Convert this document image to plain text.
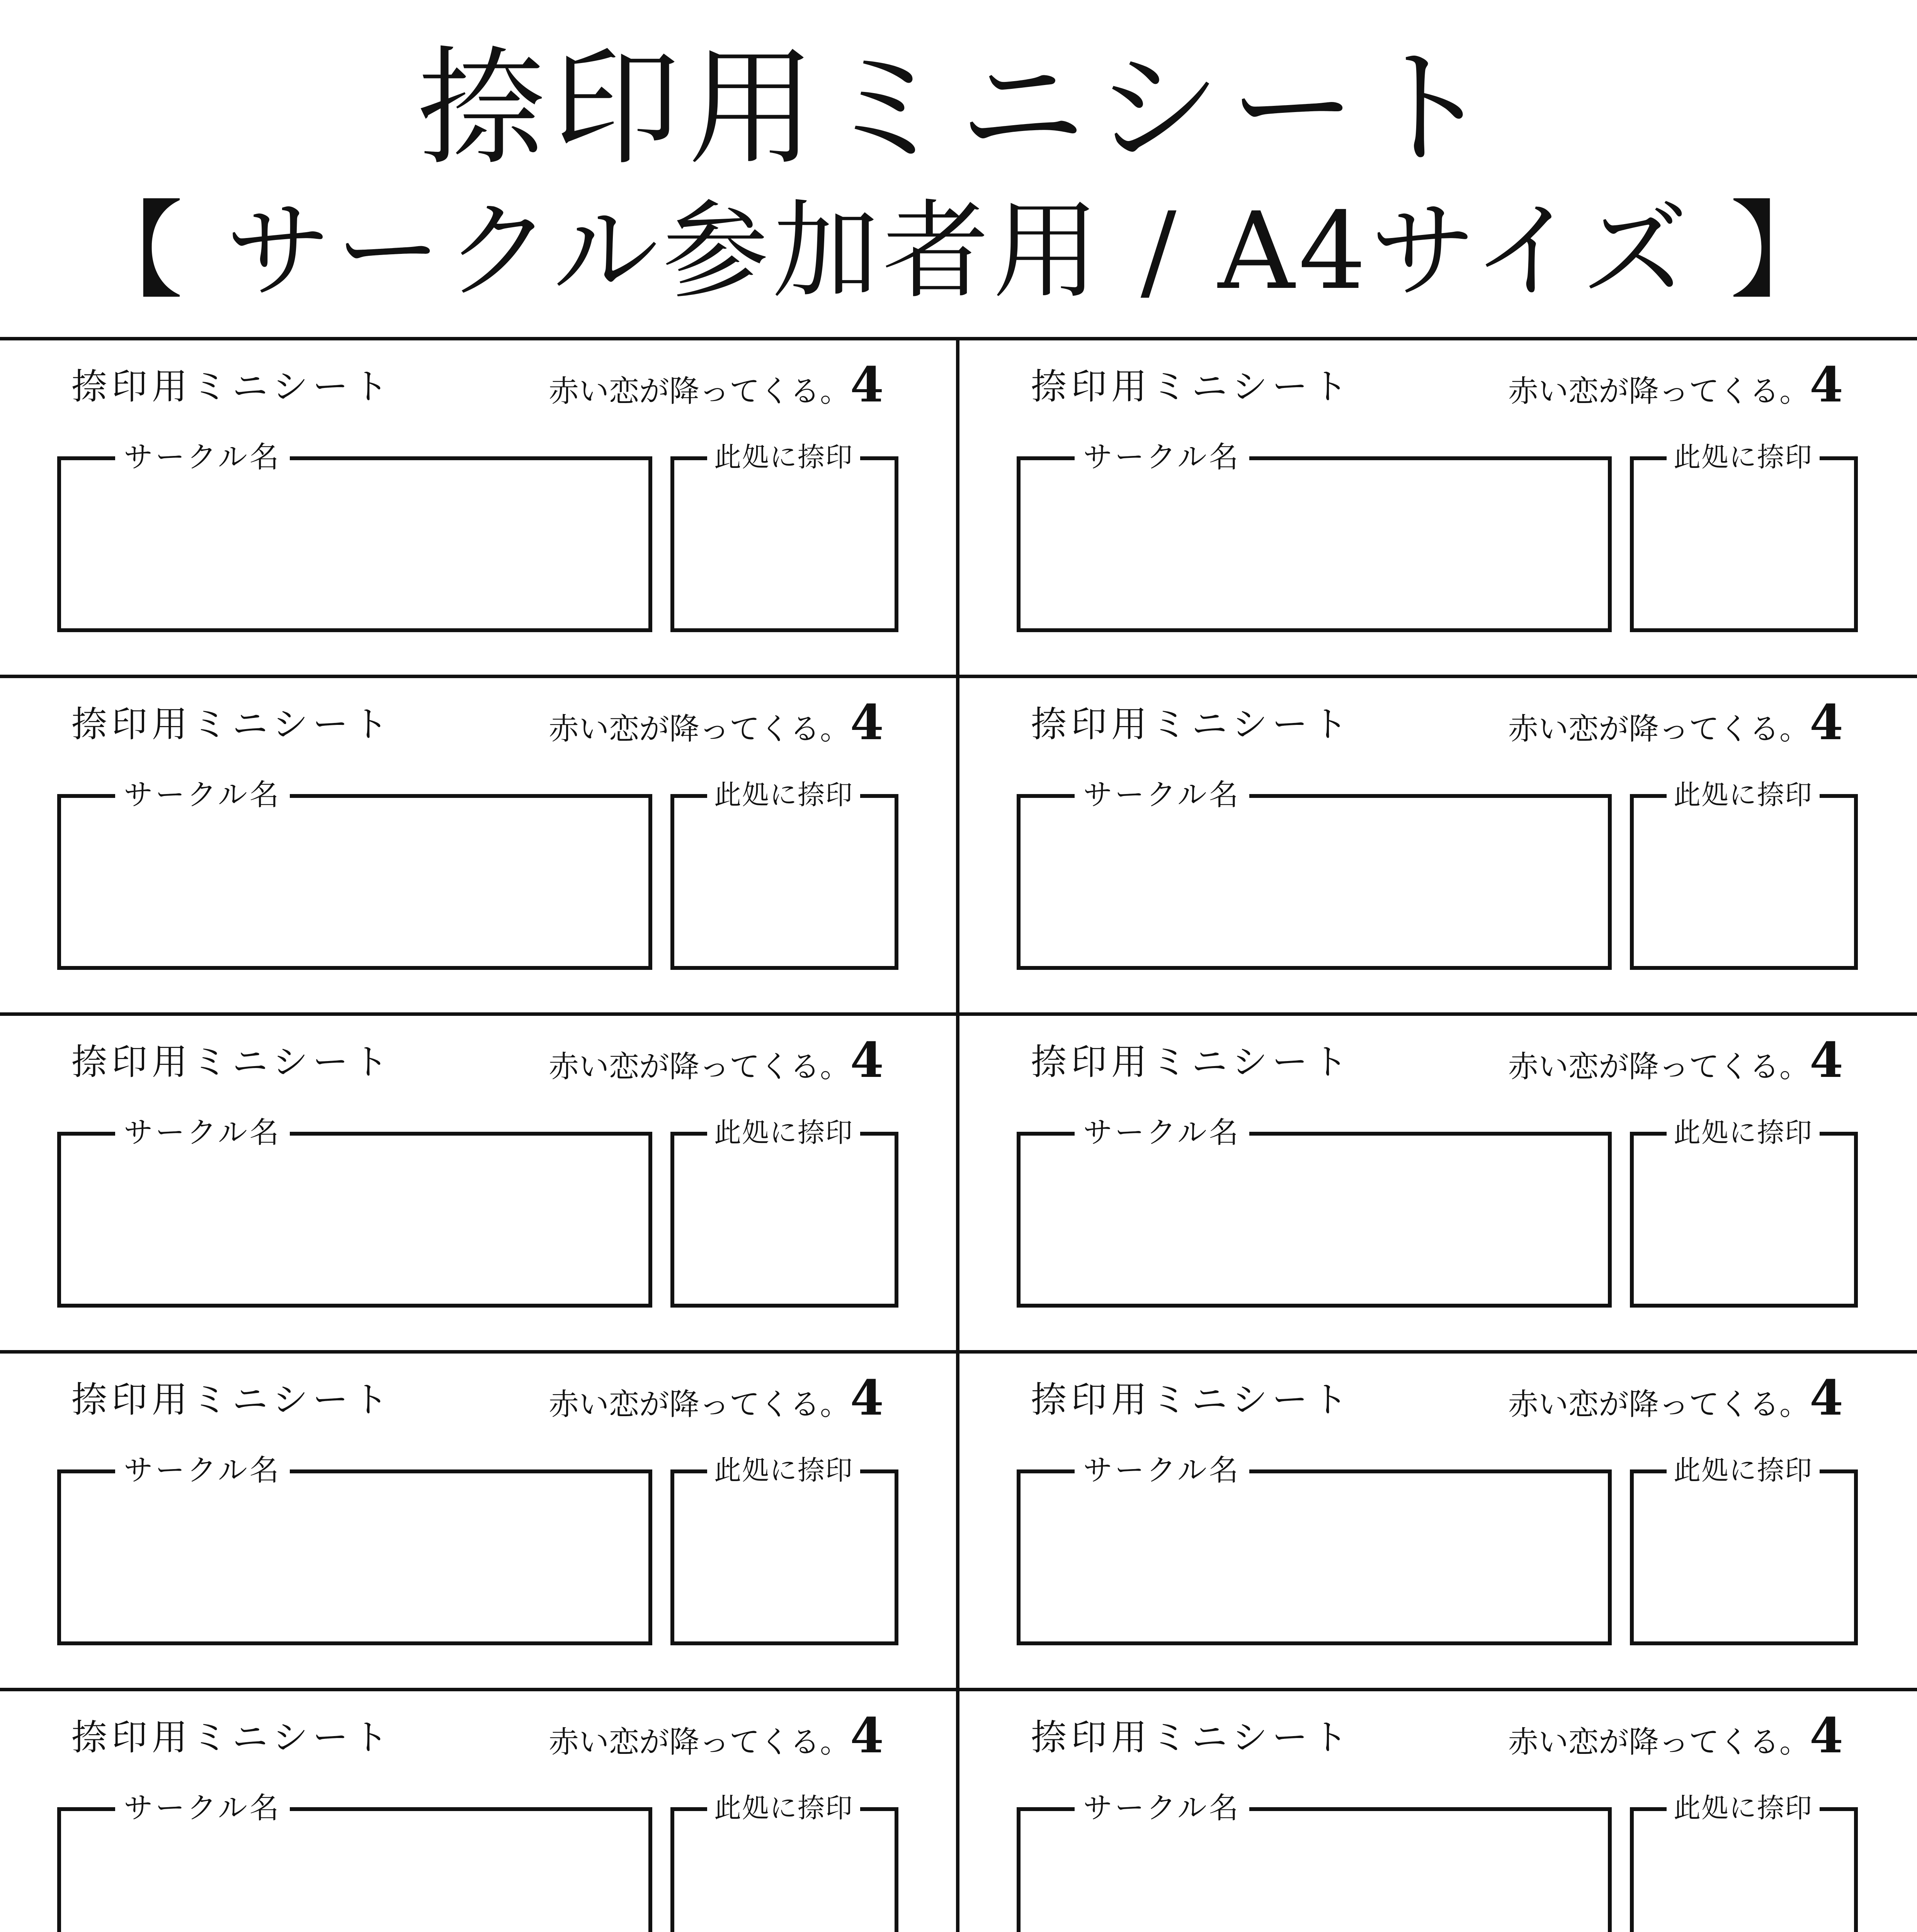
捺印用ミニシート
【 サークル参加者用 / A4サイズ 】
捺印用ミニシート	赤い恋が降ってくる。4
サークル名	此処に捺印
捺印用ミニシート	赤い恋が降ってくる。4
サークル名	此処に捺印
捺印用ミニシート	赤い恋が降ってくる。4
サークル名	此処に捺印
捺印用ミニシート	赤い恋が降ってくる。4
サークル名	此処に捺印
捺印用ミニシート	赤い恋が降ってくる。4
サークル名	此処に捺印
捺印用ミニシート	赤い恋が降ってくる。4
サークル名	此処に捺印
捺印用ミニシート	赤い恋が降ってくる。4
サークル名	此処に捺印
捺印用ミニシート	赤い恋が降ってくる。4
サークル名	此処に捺印
捺印用ミニシート	赤い恋が降ってくる。4
サークル名	此処に捺印
捺印用ミニシート	赤い恋が降ってくる。4
サークル名	此処に捺印
